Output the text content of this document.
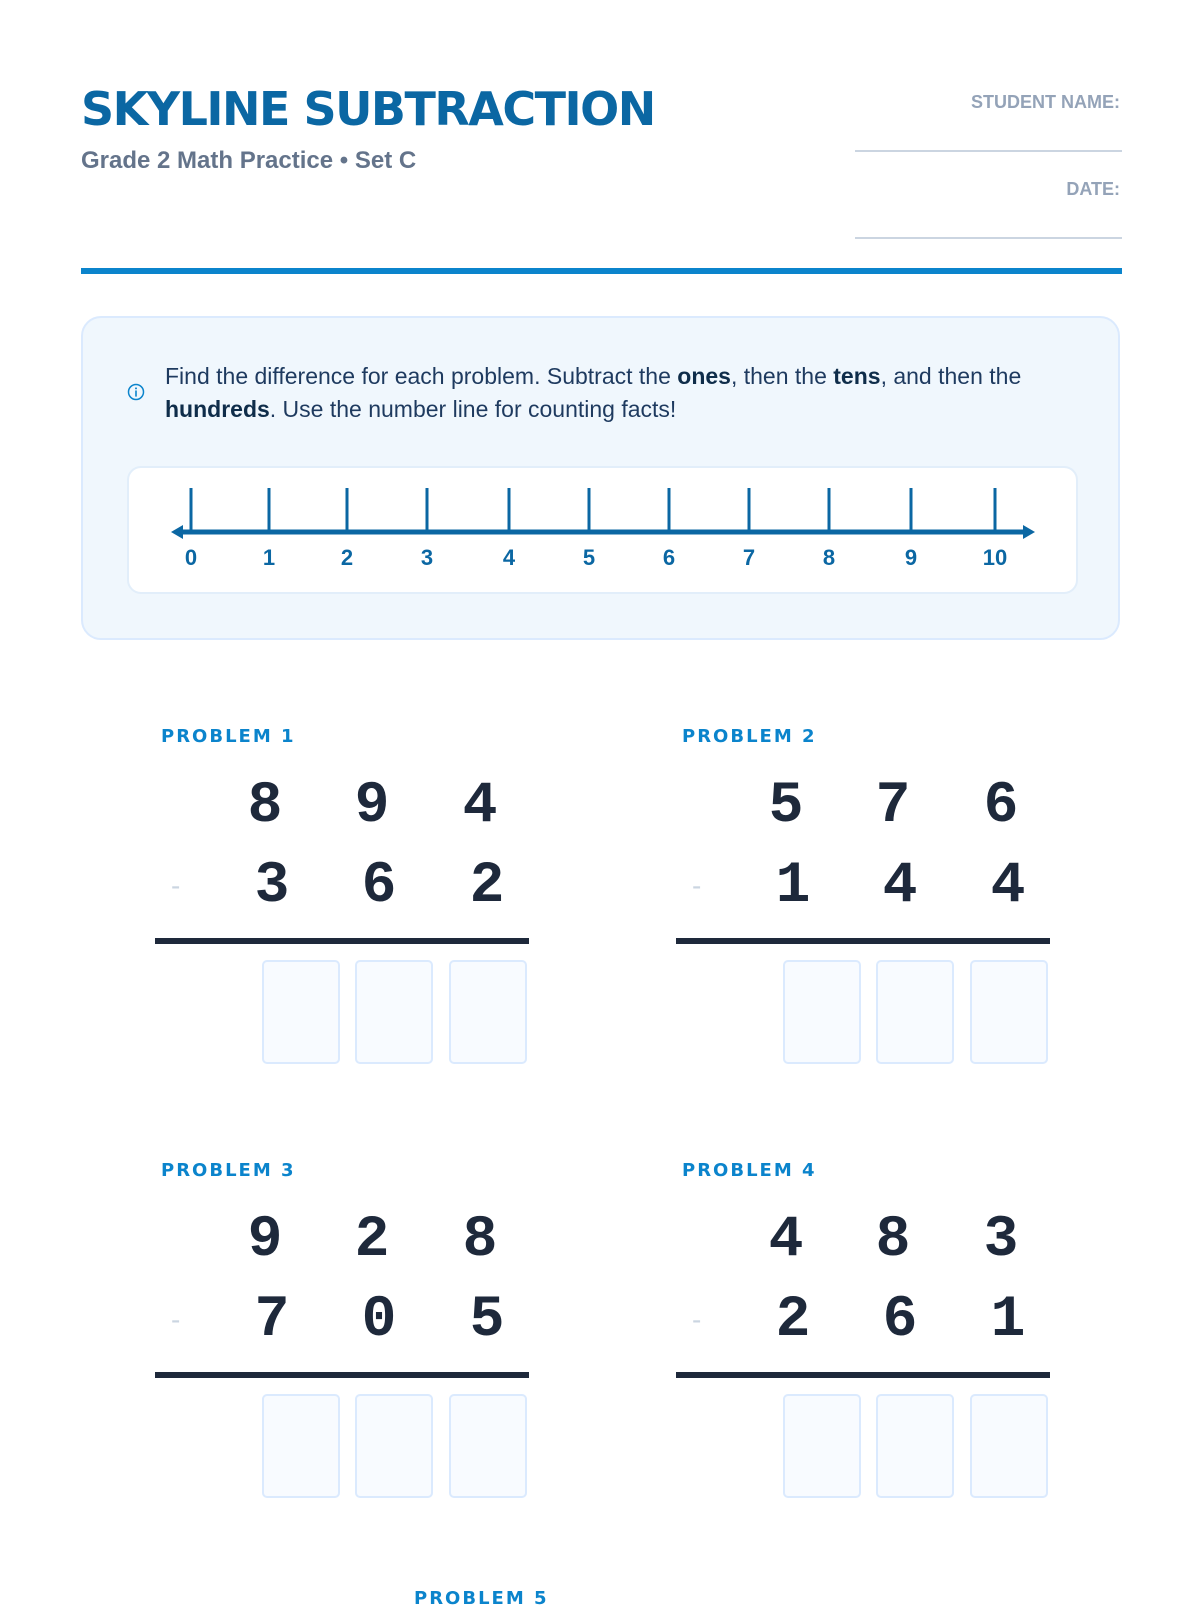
SKYLINE SUBTRACTION
Grade 2 Math Practice • Set C
STUDENT NAME:
DATE:
Find the difference for each problem. Subtract the ones, then the tens, and then the hundreds. Use the number line for counting facts!
0	1	2	3	4	5	6	7	8	9	10
PROBLEM 1
8 9 4
- 3 6 2
PROBLEM 2
5 7 6
- 1 4 4
PROBLEM 3
9 2 8
- 7 0 5
PROBLEM 4
4 8 3
- 2 6 1
PROBLEM 5
